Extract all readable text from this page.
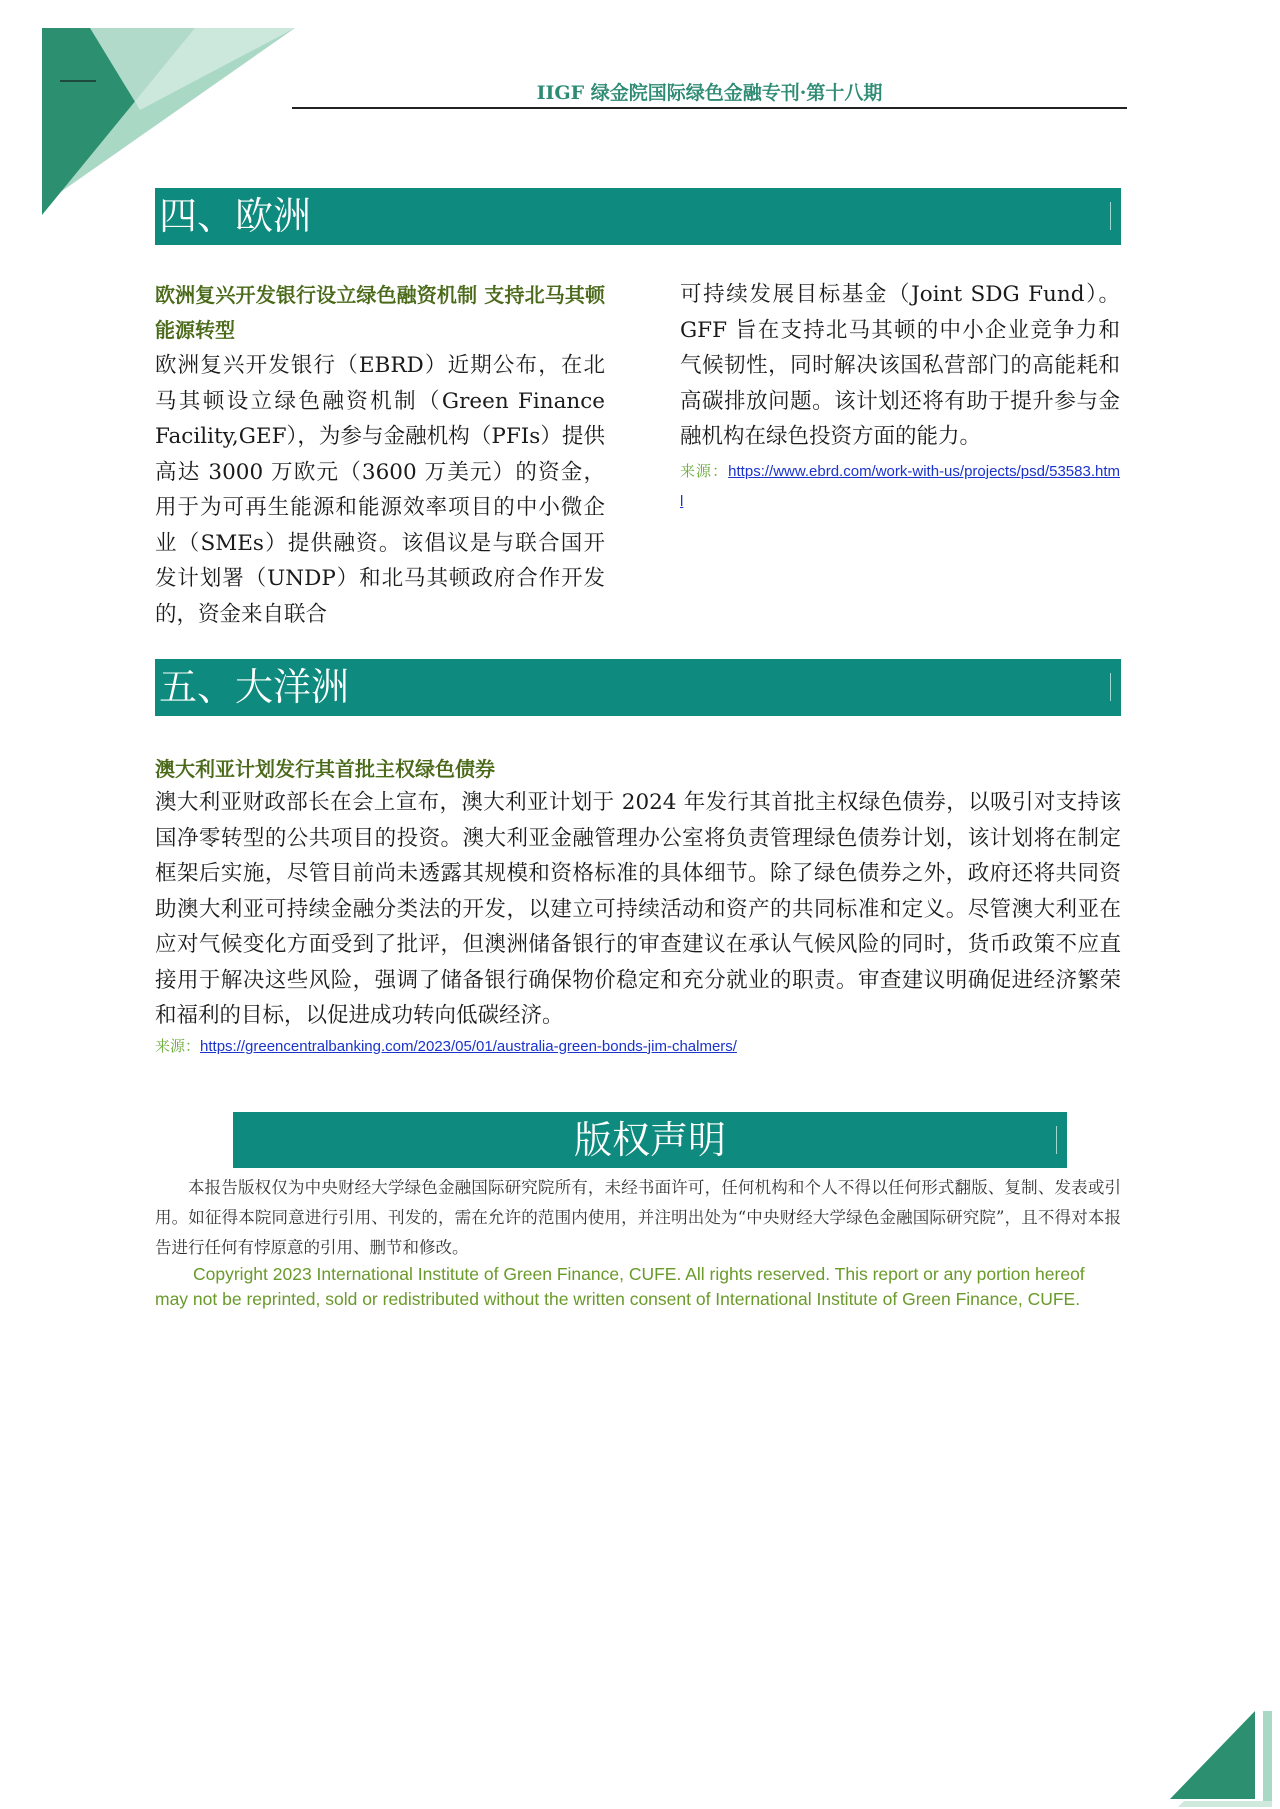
IIGF 绿金院国际绿色金融专刊·第十八期
四、欧洲
欧洲复兴开发银行设立绿色融资机制 支持北马其顿能源转型
欧洲复兴开发银行（EBRD）近期公布，在北马其顿设立绿色融资机制（Green Finance Facility,GEF），为参与金融机构（PFIs）提供高达 3000 万欧元（3600 万美元）的资金，用于为可再生能源和能源效率项目的中小微企业（SMEs）提供融资。该倡议是与联合国开发计划署（UNDP）和北马其顿政府合作开发的，资金来自联合
可持续发展目标基金（Joint SDG Fund）。GFF 旨在支持北马其顿的中小企业竞争力和气候韧性，同时解决该国私营部门的高能耗和高碳排放问题。该计划还将有助于提升参与金融机构在绿色投资方面的能力。
来源：https://www.ebrd.com/work-with-us/projects/psd/53583.html
五、大洋洲
澳大利亚计划发行其首批主权绿色债券
澳大利亚财政部长在会上宣布，澳大利亚计划于 2024 年发行其首批主权绿色债券，以吸引对支持该国净零转型的公共项目的投资。澳大利亚金融管理办公室将负责管理绿色债券计划，该计划将在制定框架后实施，尽管目前尚未透露其规模和资格标准的具体细节。除了绿色债券之外，政府还将共同资助澳大利亚可持续金融分类法的开发，以建立可持续活动和资产的共同标准和定义。尽管澳大利亚在应对气候变化方面受到了批评，但澳洲储备银行的审查建议在承认气候风险的同时，货币政策不应直接用于解决这些风险，强调了储备银行确保物价稳定和充分就业的职责。审查建议明确促进经济繁荣和福利的目标，以促进成功转向低碳经济。
来源：https://greencentralbanking.com/2023/05/01/australia-green-bonds-jim-chalmers/
版权声明
本报告版权仅为中央财经大学绿色金融国际研究院所有，未经书面许可，任何机构和个人不得以任何形式翻版、复制、发表或引用。如征得本院同意进行引用、刊发的，需在允许的范围内使用，并注明出处为“中央财经大学绿色金融国际研究院”，且不得对本报告进行任何有悖原意的引用、删节和修改。
Copyright 2023 International Institute of Green Finance, CUFE. All rights reserved. This report or any portion hereof may not be reprinted, sold or redistributed without the written consent of International Institute of Green Finance, CUFE.
